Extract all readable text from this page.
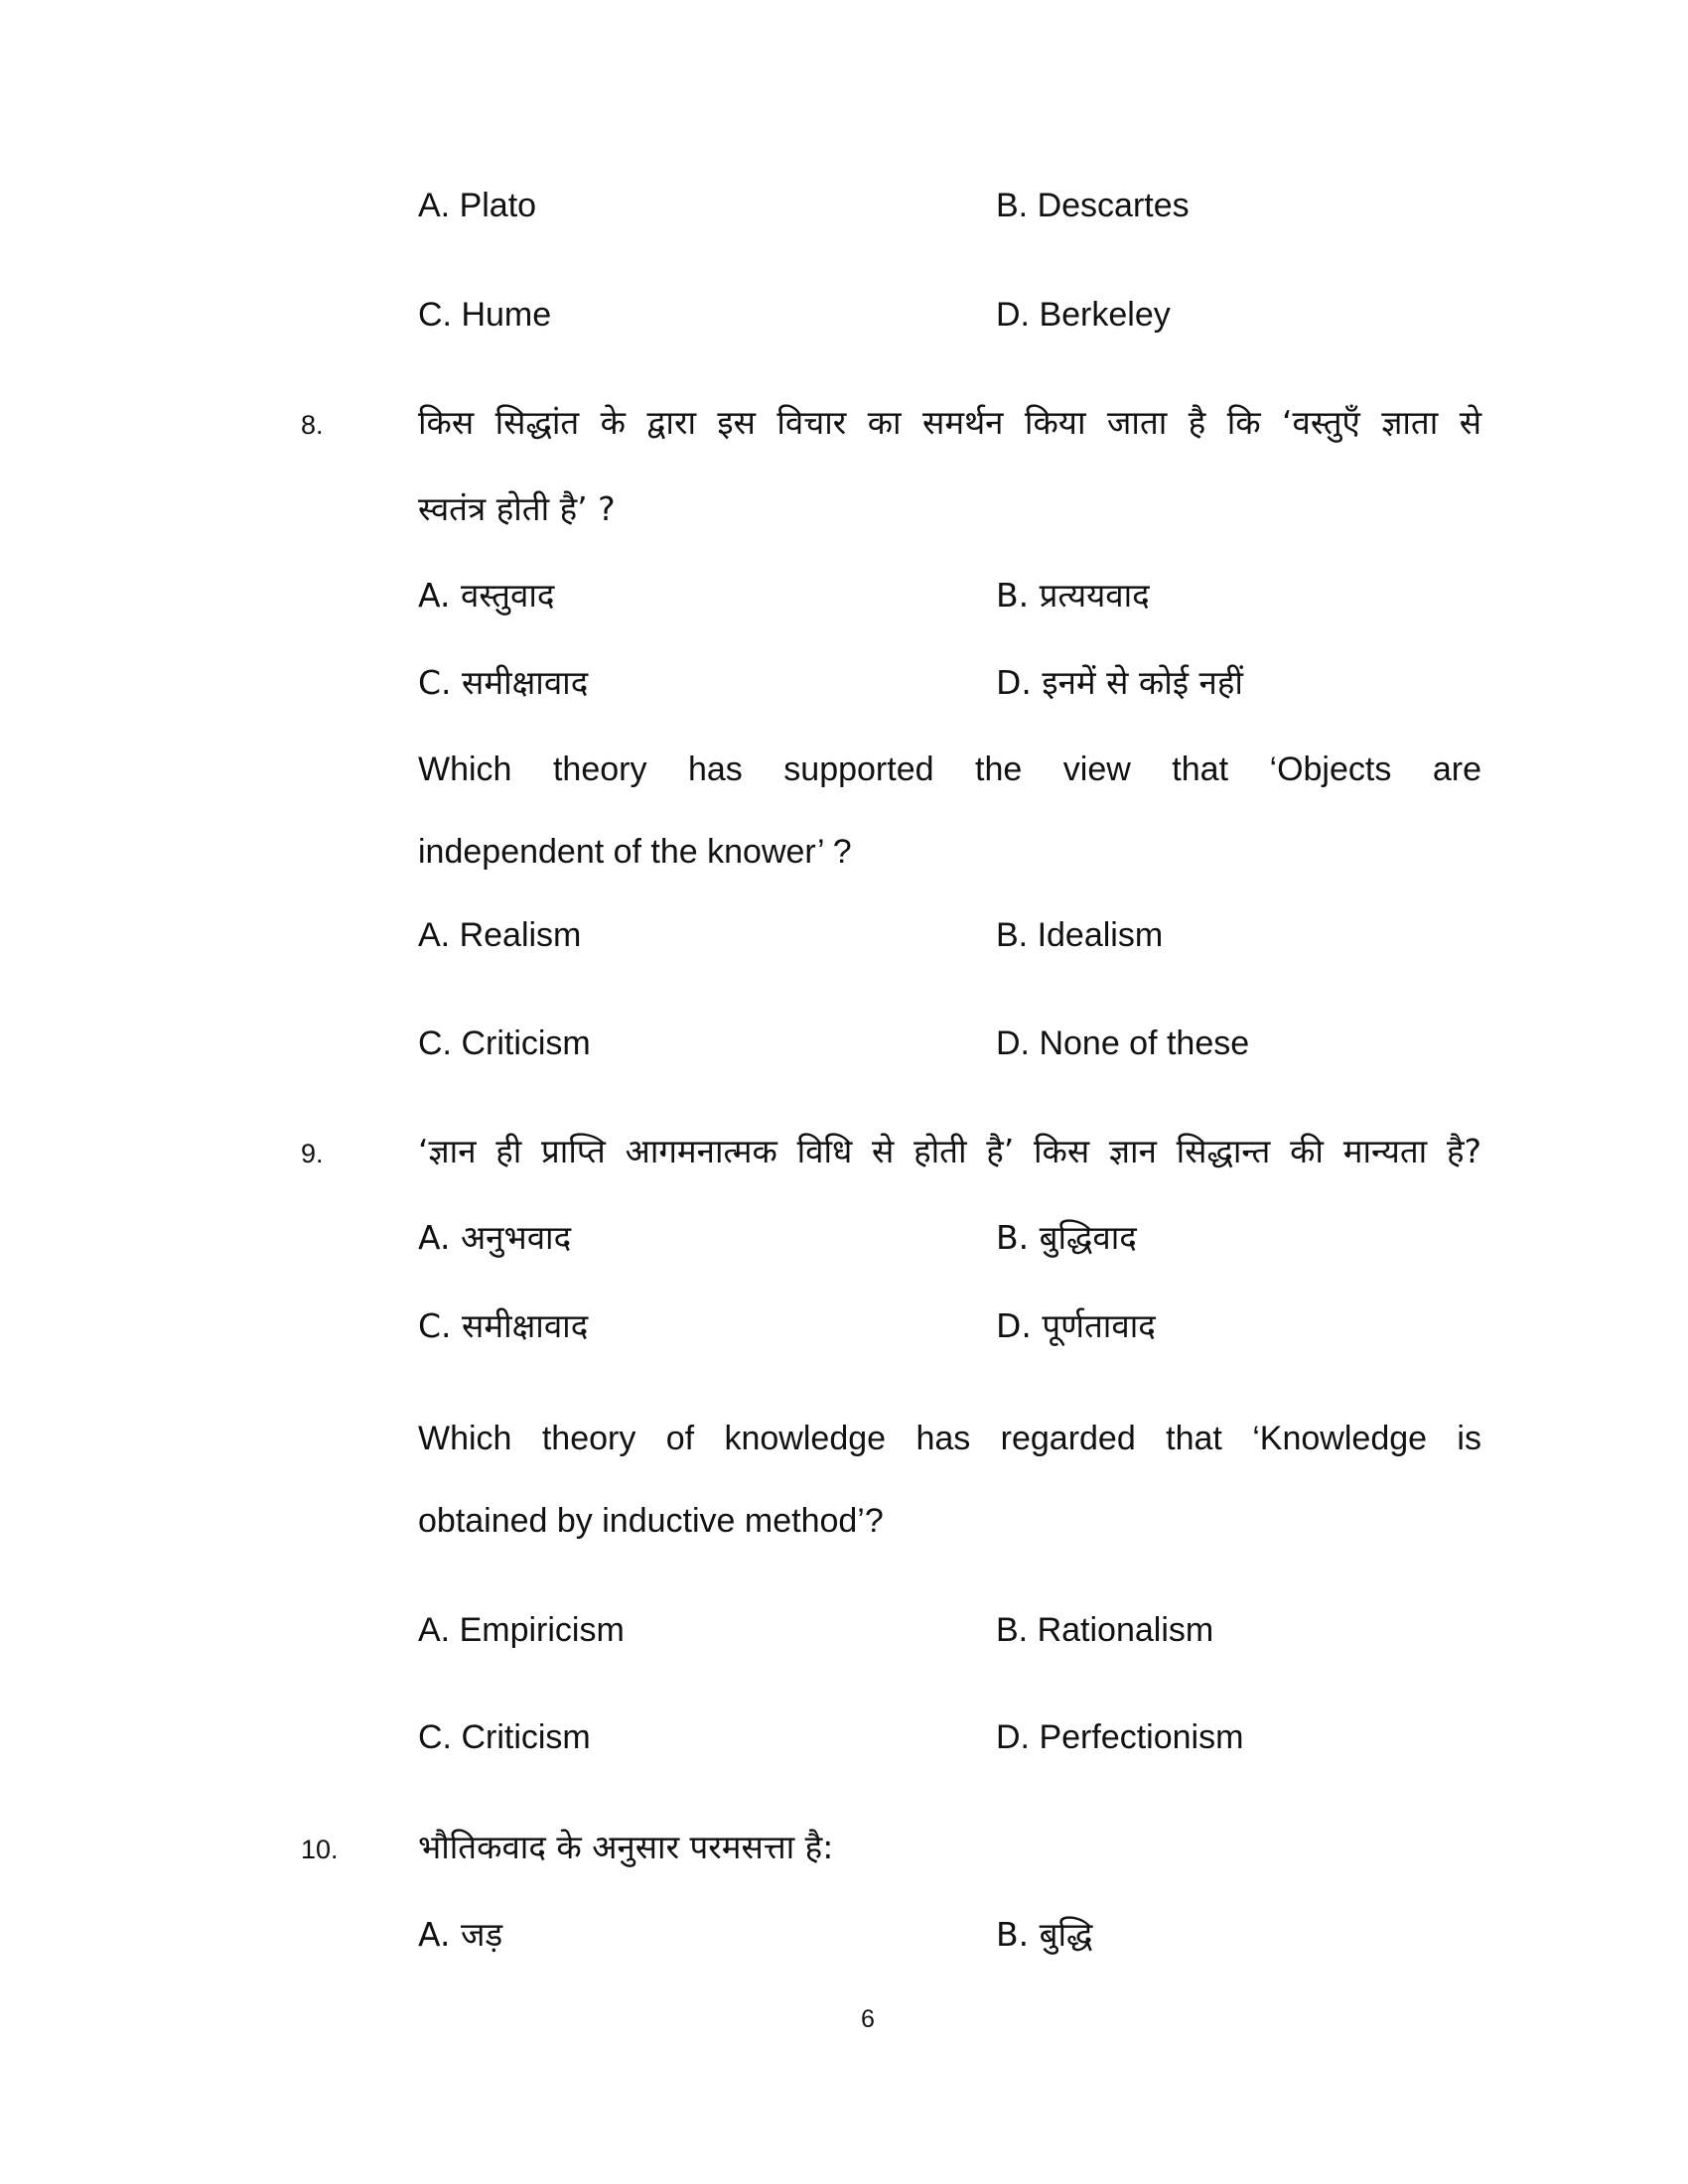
A. Plato	B. Descartes
C. Hume	D. Berkeley
8.	किस सिद्धांत के द्वारा इस विचार का समर्थन किया जाता है कि ‘वस्तुएँ ज्ञाता से
स्वतंत्र होती है’ ?
A. वस्तुवाद	B. प्रत्ययवाद
C. समीक्षावाद	D. इनमें से कोई नहीं
Which theory has supported the view that ‘Objects are
independent of the knower’ ?
A. Realism	B. Idealism
C. Criticism	D. None of these
9.	‘ज्ञान ही प्राप्ति आगमनात्मक विधि से होती है’ किस ज्ञान सिद्धान्त की मान्यता है?
A. अनुभवाद	B. बुद्धिवाद
C. समीक्षावाद	D. पूर्णतावाद
Which theory of knowledge has regarded that ‘Knowledge is
obtained by inductive method’?
A. Empiricism	B. Rationalism
C. Criticism	D. Perfectionism
10. भौतिकवाद के अनुसार परमसत्ता है:
A. जड़	B. बुद्धि
6
